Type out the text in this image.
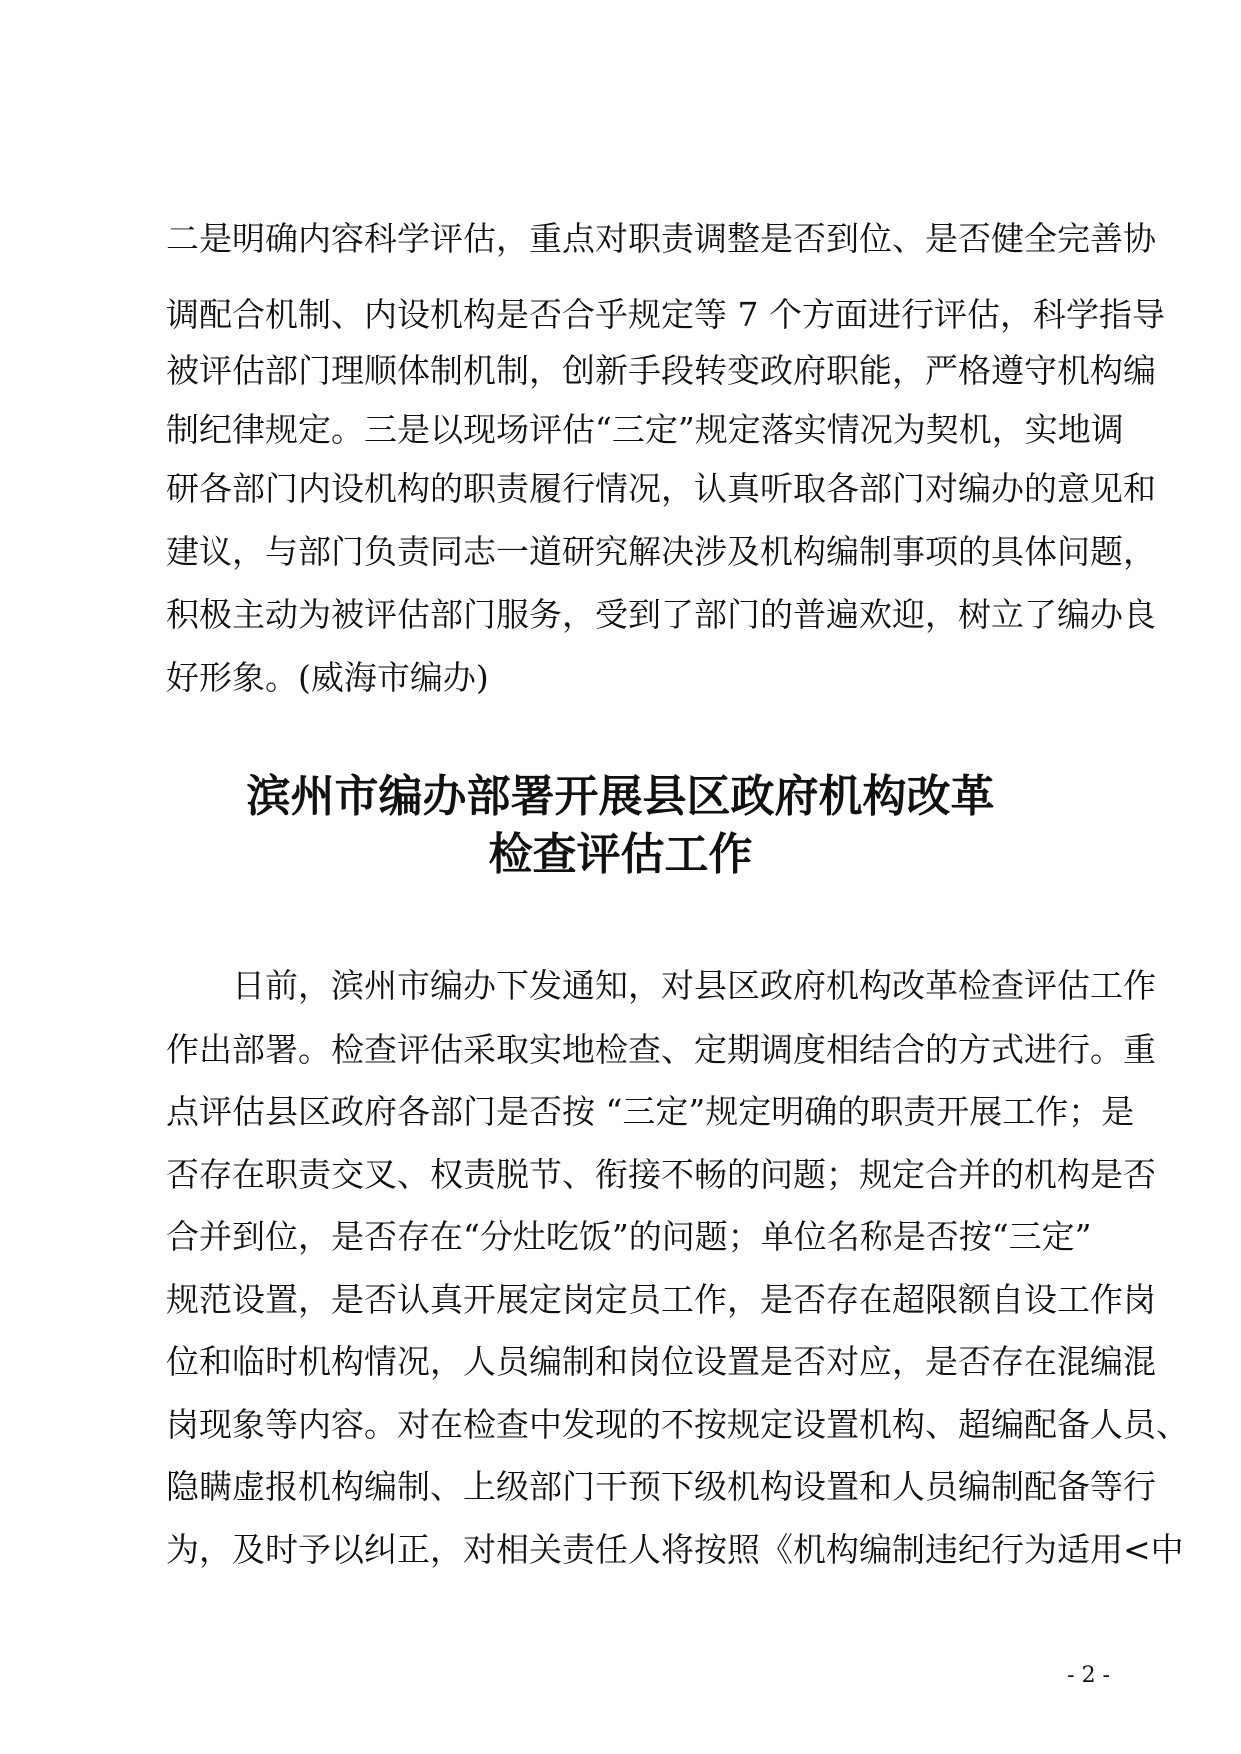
二是明确内容科学评估，重点对职责调整是否到位、是否健全完善协
调配合机制、内设机构是否合乎规定等 7 个方面进行评估，科学指导
被评估部门理顺体制机制，创新手段转变政府职能，严格遵守机构编
制纪律规定。三是以现场评估“三定”规定落实情况为契机，实地调
研各部门内设机构的职责履行情况，认真听取各部门对编办的意见和
建议，与部门负责同志一道研究解决涉及机构编制事项的具体问题，
积极主动为被评估部门服务，受到了部门的普遍欢迎，树立了编办良
好形象。(威海市编办)
滨州市编办部署开展县区政府机构改革
检查评估工作
　　日前，滨州市编办下发通知，对县区政府机构改革检查评估工作
作出部署。检查评估采取实地检查、定期调度相结合的方式进行。重
点评估县区政府各部门是否按 “三定”规定明确的职责开展工作；是
否存在职责交叉、权责脱节、衔接不畅的问题；规定合并的机构是否
合并到位，是否存在“分灶吃饭”的问题；单位名称是否按“三定”
规范设置，是否认真开展定岗定员工作，是否存在超限额自设工作岗
位和临时机构情况，人员编制和岗位设置是否对应，是否存在混编混
岗现象等内容。对在检查中发现的不按规定设置机构、超编配备人员、
隐瞒虚报机构编制、上级部门干预下级机构设置和人员编制配备等行
为，及时予以纠正，对相关责任人将按照《机构编制违纪行为适用<中
- 2 -
